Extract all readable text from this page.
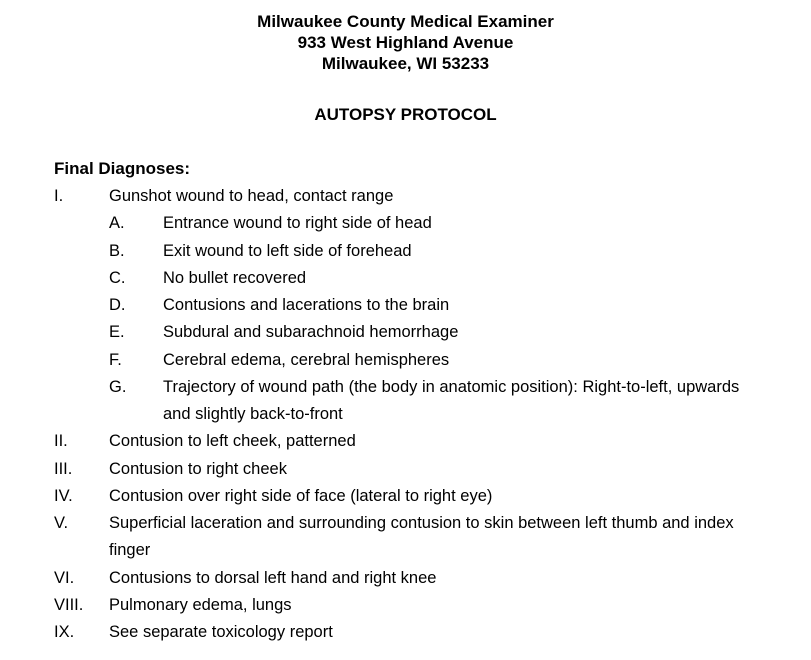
Milwaukee County Medical Examiner
933 West Highland Avenue
Milwaukee, WI 53233
AUTOPSY PROTOCOL
Final Diagnoses:
I.	Gunshot wound to head, contact range
A. Entrance wound to right side of head
B. Exit wound to left side of forehead
C. No bullet recovered
D. Contusions and lacerations to the brain
E. Subdural and subarachnoid hemorrhage
F. Cerebral edema, cerebral hemispheres
G. Trajectory of wound path (the body in anatomic position): Right-to-left, upwards and slightly back-to-front
II. Contusion to left cheek, patterned
III. Contusion to right cheek
IV. Contusion over right side of face (lateral to right eye)
V. Superficial laceration and surrounding contusion to skin between left thumb and index finger
VI. Contusions to dorsal left hand and right knee
VIII. Pulmonary edema, lungs
IX. See separate toxicology report
